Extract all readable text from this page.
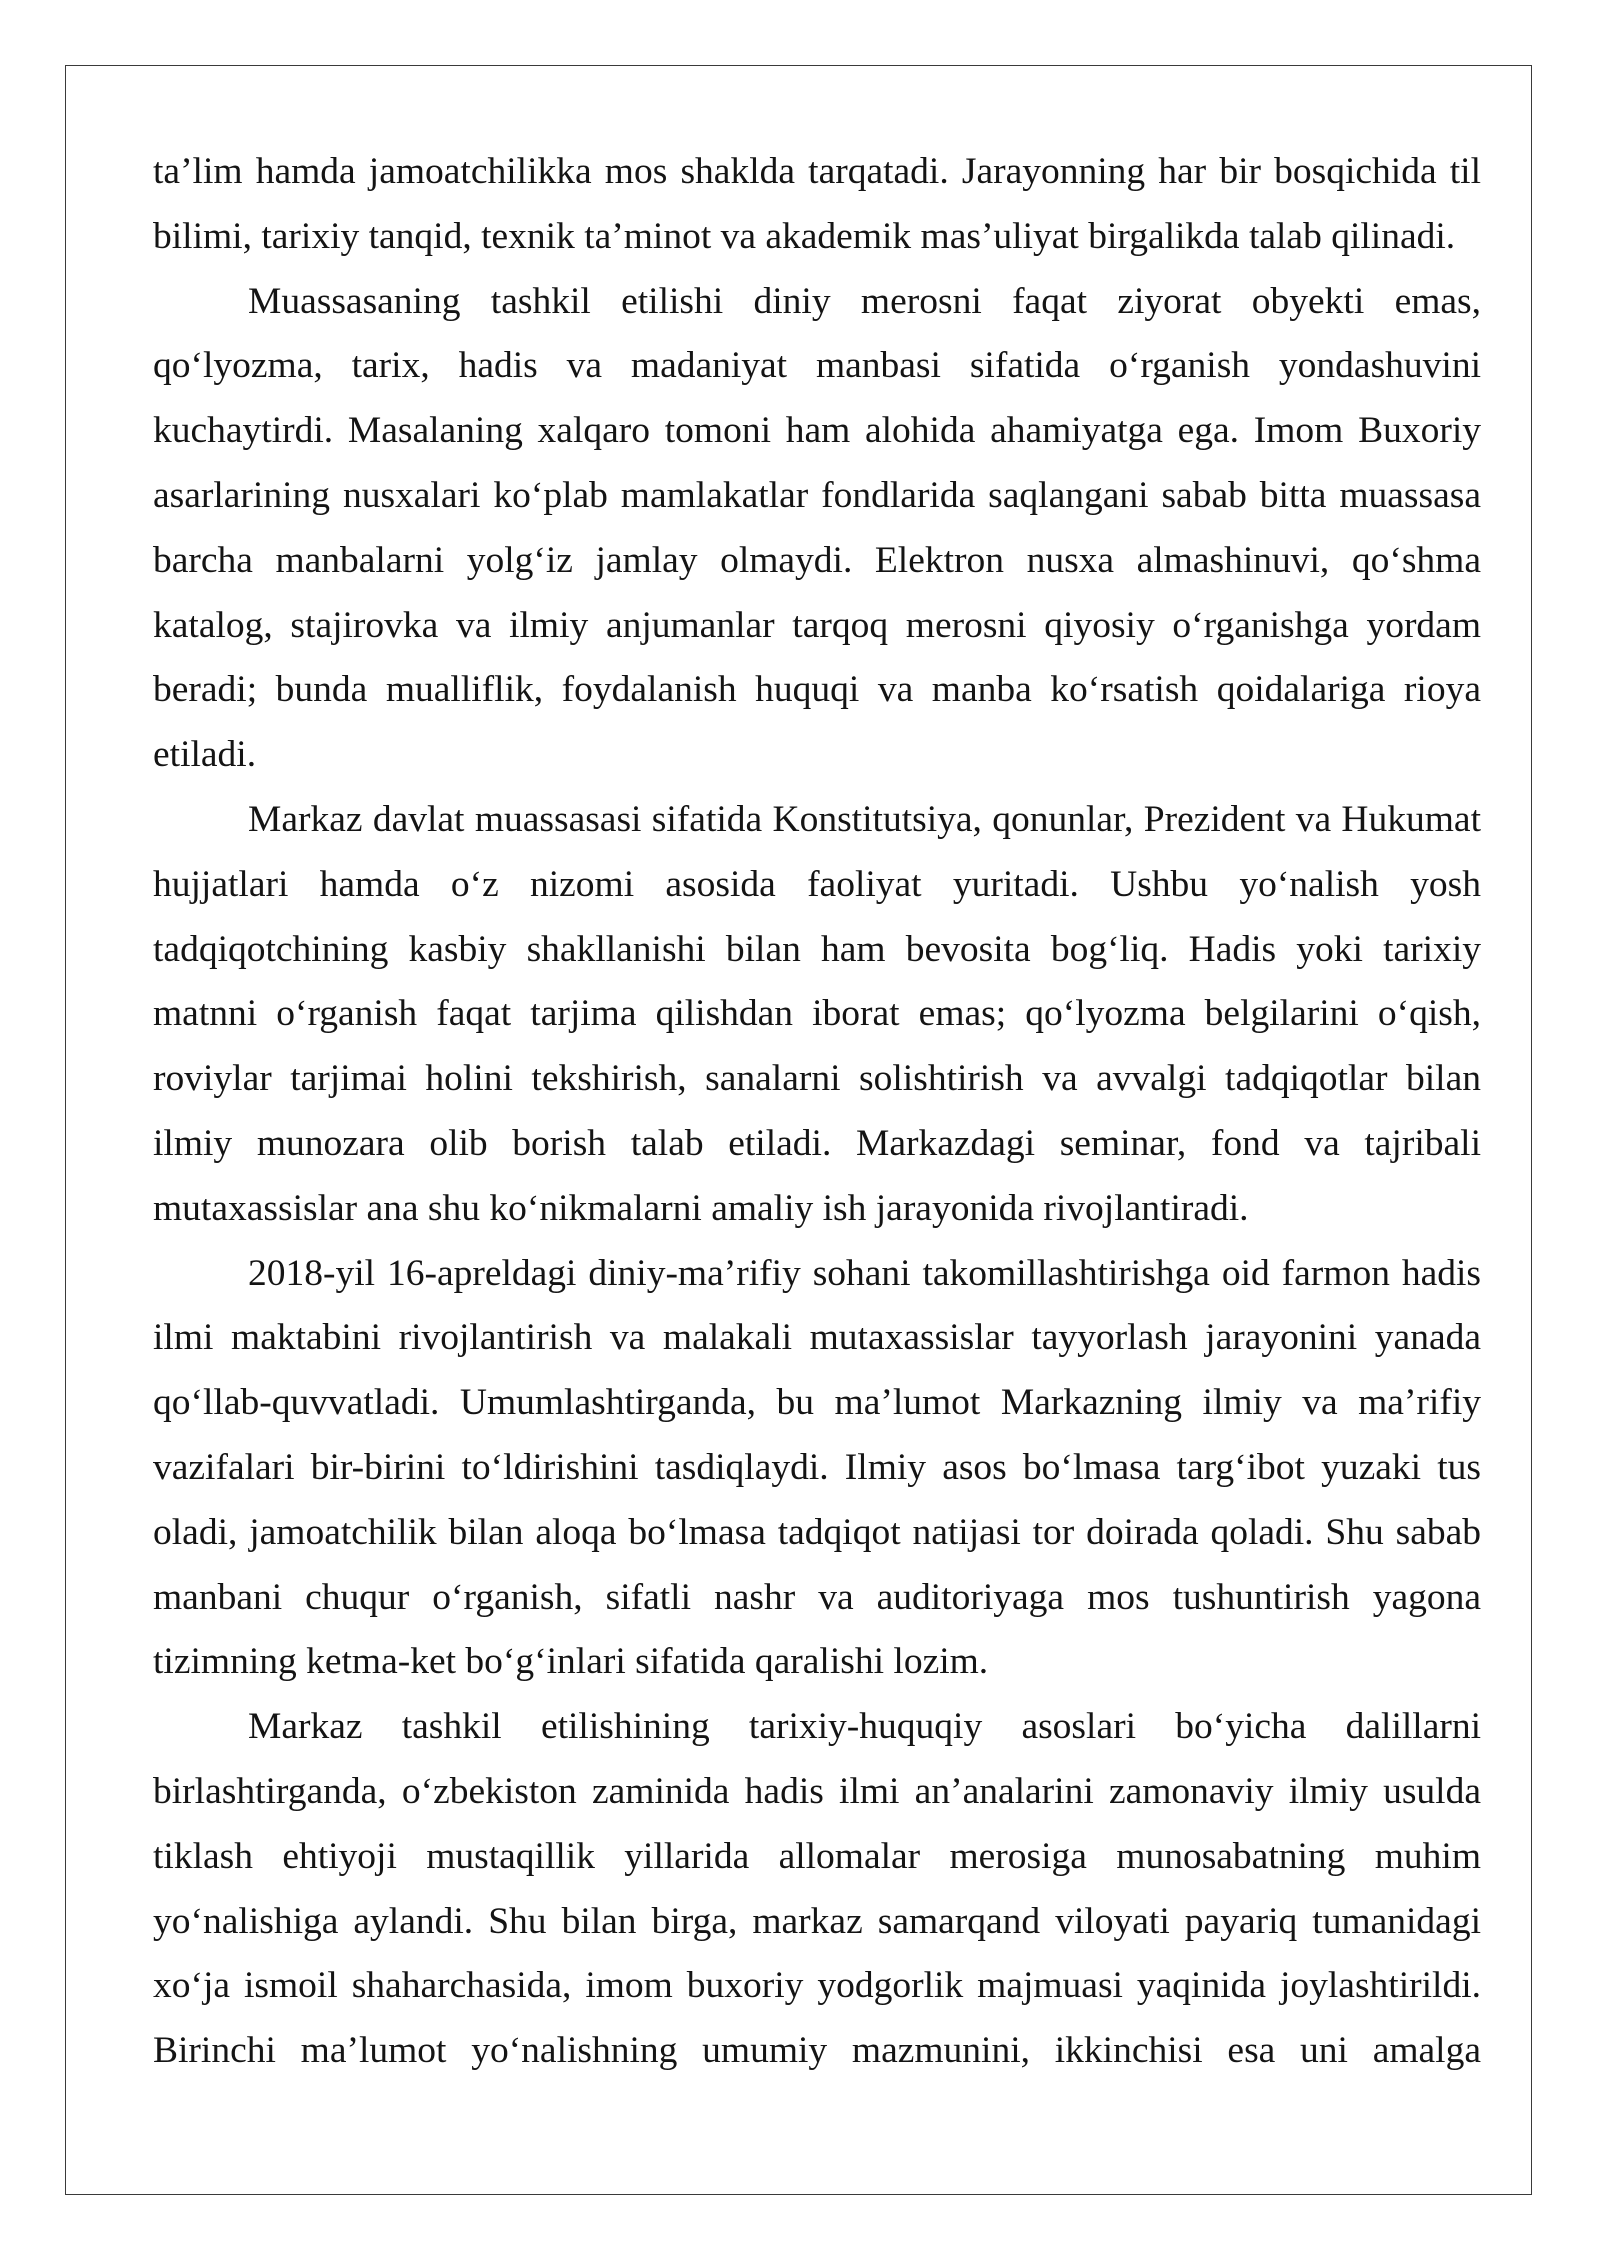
ta’lim hamda jamoatchilikka mos shaklda tarqatadi. Jarayonning har bir bosqichida til
bilimi, tarixiy tanqid, texnik ta’minot va akademik mas’uliyat birgalikda talab qilinadi.
Muassasaning tashkil etilishi diniy merosni faqat ziyorat obyekti emas,
qo‘lyozma, tarix, hadis va madaniyat manbasi sifatida o‘rganish yondashuvini
kuchaytirdi. Masalaning xalqaro tomoni ham alohida ahamiyatga ega. Imom Buxoriy
asarlarining nusxalari ko‘plab mamlakatlar fondlarida saqlangani sabab bitta muassasa
barcha manbalarni yolg‘iz jamlay olmaydi. Elektron nusxa almashinuvi, qo‘shma
katalog, stajirovka va ilmiy anjumanlar tarqoq merosni qiyosiy o‘rganishga yordam
beradi; bunda mualliflik, foydalanish huquqi va manba ko‘rsatish qoidalariga rioya
etiladi.
Markaz davlat muassasasi sifatida Konstitutsiya, qonunlar, Prezident va Hukumat
hujjatlari hamda o‘z nizomi asosida faoliyat yuritadi. Ushbu yo‘nalish yosh
tadqiqotchining kasbiy shakllanishi bilan ham bevosita bog‘liq. Hadis yoki tarixiy
matnni o‘rganish faqat tarjima qilishdan iborat emas; qo‘lyozma belgilarini o‘qish,
roviylar tarjimai holini tekshirish, sanalarni solishtirish va avvalgi tadqiqotlar bilan
ilmiy munozara olib borish talab etiladi. Markazdagi seminar, fond va tajribali
mutaxassislar ana shu ko‘nikmalarni amaliy ish jarayonida rivojlantiradi.
2018-yil 16-apreldagi diniy-ma’rifiy sohani takomillashtirishga oid farmon hadis
ilmi maktabini rivojlantirish va malakali mutaxassislar tayyorlash jarayonini yanada
qo‘llab-quvvatladi. Umumlashtirganda, bu ma’lumot Markazning ilmiy va ma’rifiy
vazifalari bir-birini to‘ldirishini tasdiqlaydi. Ilmiy asos bo‘lmasa targ‘ibot yuzaki tus
oladi, jamoatchilik bilan aloqa bo‘lmasa tadqiqot natijasi tor doirada qoladi. Shu sabab
manbani chuqur o‘rganish, sifatli nashr va auditoriyaga mos tushuntirish yagona
tizimning ketma-ket bo‘g‘inlari sifatida qaralishi lozim.
Markaz tashkil etilishining tarixiy-huquqiy asoslari bo‘yicha dalillarni
birlashtirganda, o‘zbekiston zaminida hadis ilmi an’analarini zamonaviy ilmiy usulda
tiklash ehtiyoji mustaqillik yillarida allomalar merosiga munosabatning muhim
yo‘nalishiga aylandi. Shu bilan birga, markaz samarqand viloyati payariq tumanidagi
xo‘ja ismoil shaharchasida, imom buxoriy yodgorlik majmuasi yaqinida joylashtirildi.
Birinchi ma’lumot yo‘nalishning umumiy mazmunini, ikkinchisi esa uni amalga
